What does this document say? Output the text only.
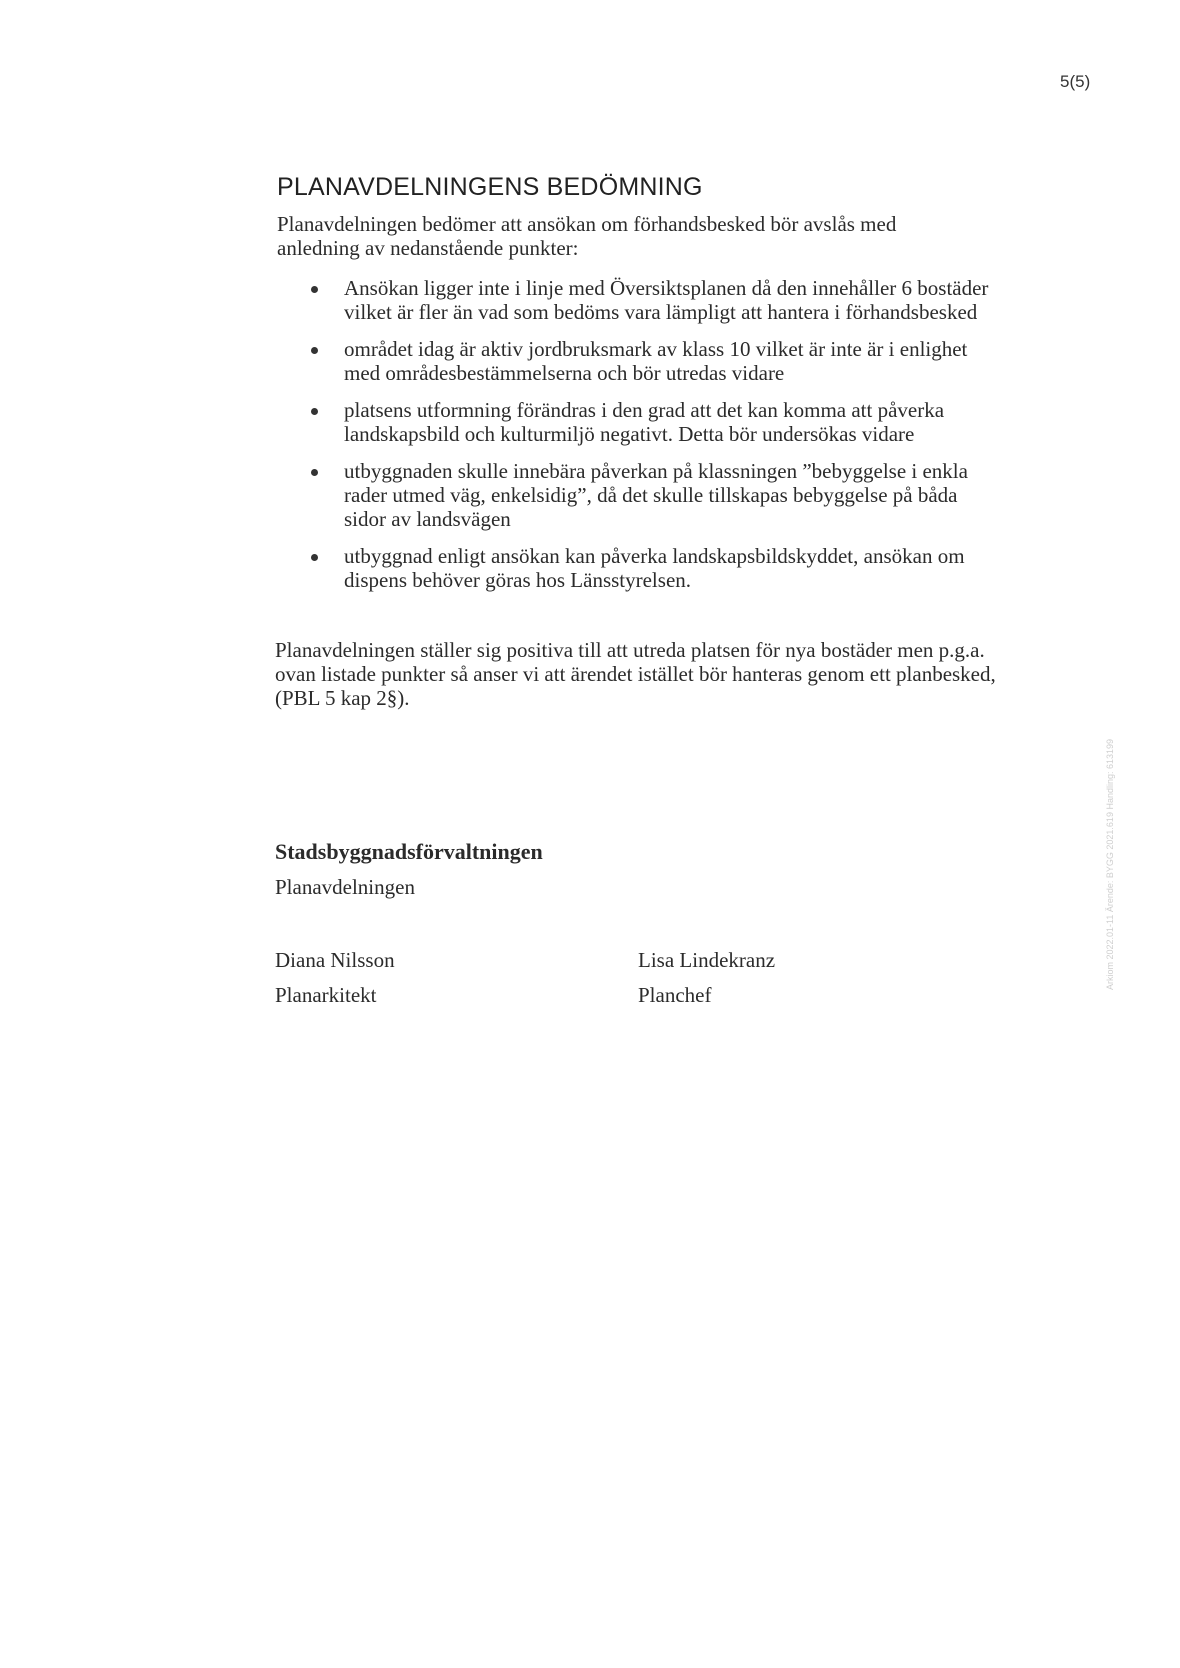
5(5)
PLANAVDELNINGENS BEDÖMNING

Planavdelningen bedömer att ansökan om förhandsbesked bör avslås med anledning av nedanstående punkter:

Ansökan ligger inte i linje med Översiktsplanen då den innehåller 6 bostäder vilket är fler än vad som bedöms vara lämpligt att hantera i förhandsbesked
området idag är aktiv jordbruksmark av klass 10 vilket är inte är i enlighet med områdesbestämmelserna och bör utredas vidare
platsens utformning förändras i den grad att det kan komma att påverka landskapsbild och kulturmiljö negativt. Detta bör undersökas vidare
utbyggnaden skulle innebära påverkan på klassningen ”bebyggelse i enkla rader utmed väg, enkelsidig”, då det skulle tillskapas bebyggelse på båda sidor av landsvägen
utbyggnad enligt ansökan kan påverka landskapsbildskyddet, ansökan om dispens behöver göras hos Länsstyrelsen.

Planavdelningen ställer sig positiva till att utreda platsen för nya bostäder men p.g.a. ovan listade punkter så anser vi att ärendet istället bör hanteras genom ett planbesked, (PBL 5 kap 2§).

Stadsbyggnadsförvaltningen

Planavdelningen

Diana Nilsson

Planarkitekt

Lisa Lindekranz

Planchef

Arkiom 2022.01-11 Ärende: BYGG 2021.619 Handling: 613199
